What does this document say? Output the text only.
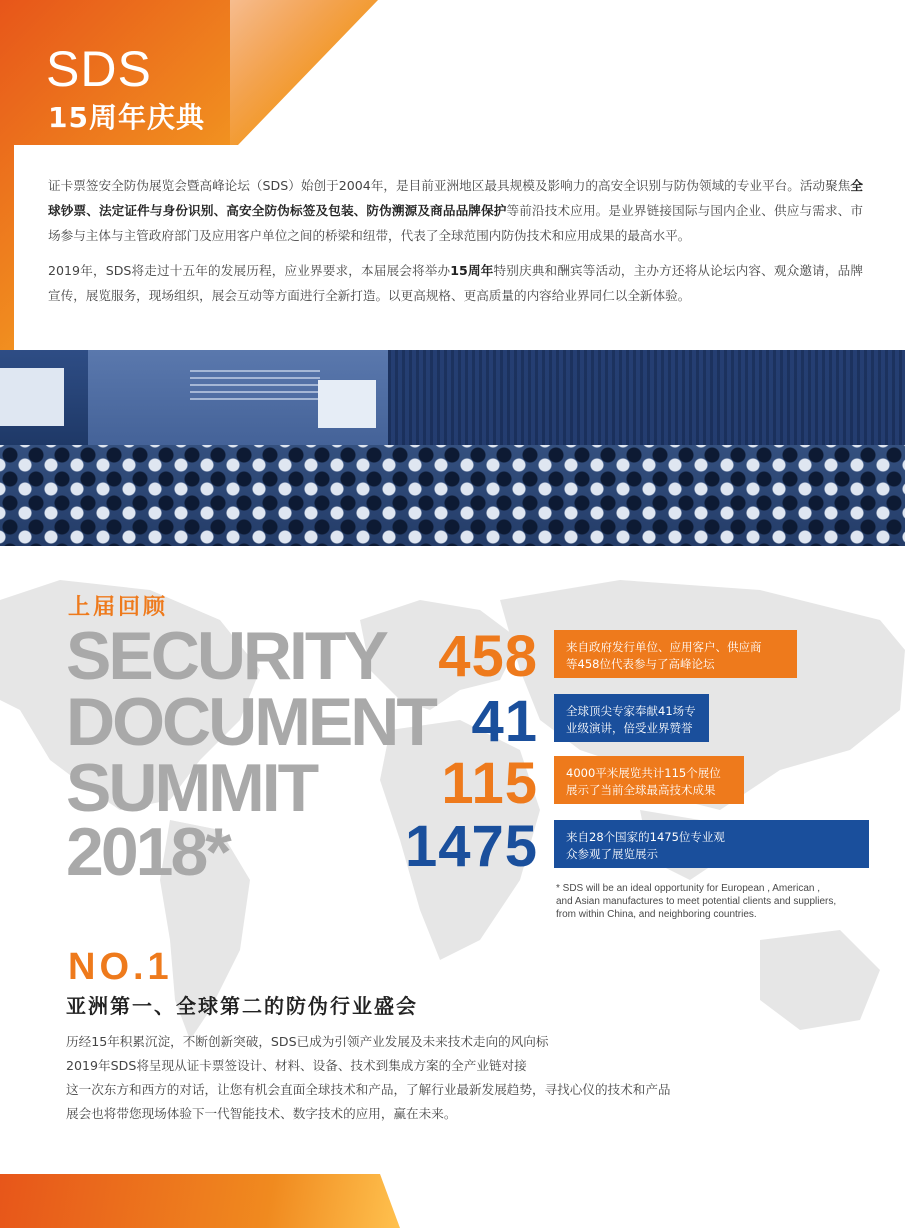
SDS
15周年庆典

证卡票签安全防伪展览会暨高峰论坛（SDS）始创于2004年，是目前亚洲地区最具规模及影响力的高安全识别与防伪领域的专业平台。活动聚焦全球钞票、法定证件与身份识别、高安全防伪标签及包装、防伪溯源及商品品牌保护等前沿技术应用。是业界链接国际与国内企业、供应与需求、市场参与主体与主管政府部门及应用客户单位之间的桥梁和纽带，代表了全球范围内防伪技术和应用成果的最高水平。

2019年，SDS将走过十五年的发展历程，应业界要求，本届展会将举办15周年特别庆典和酬宾等活动，主办方还将从论坛内容、观众邀请，品牌宣传，展览服务，现场组织，展会互动等方面进行全新打造。以更高规格、更高质量的内容给业界同仁以全新体验。

上届回顾
SECURITY
DOCUMENT
SUMMIT
2018*
458 来自政府发行单位、应用客户、供应商
等458位代表参与了高峰论坛
41 全球顶尖专家奉献41场专
业级演讲，倍受业界赞誉
115 4000平米展览共计115个展位
展示了当前全球最高技术成果
1475 来自28个国家的1475位专业观
众参观了展览展示
* SDS will be an ideal opportunity for European , American ,
and Asian manufactures to meet potential clients and suppliers,
from within China, and neighboring countries.
NO.1
亚洲第一、全球第二的防伪行业盛会
历经15年积累沉淀，不断创新突破，SDS已成为引领产业发展及未来技术走向的风向标
2019年SDS将呈现从证卡票签设计、材料、设备、技术到集成方案的全产业链对接
这一次东方和西方的对话，让您有机会直面全球技术和产品，了解行业最新发展趋势，寻找心仪的技术和产品
展会也将带您现场体验下一代智能技术、数字技术的应用，赢在未来。
